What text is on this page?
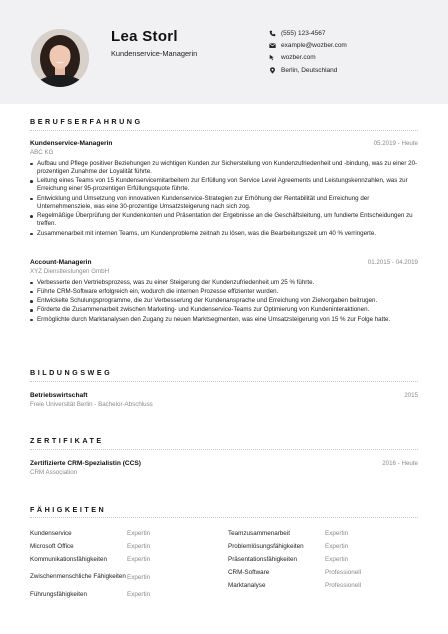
Lea Storl
Kundenservice-Managerin
(555) 123-4567
example@wozber.com
wozber.com
Berlin, Deutschland
BERUFSERFAHRUNG
Kundenservice-Managerin	05.2019 - Heute
ABC KG
Aufbau und Pflege positiver Beziehungen zu wichtigen Kunden zur Sicherstellung von Kundenzufriedenheit und -bindung, was zu einer 20-prozentigen Zunahme der Loyalität führte.
Leitung eines Teams von 15 Kundenservicemitarbeitern zur Erfüllung von Service Level Agreements und Leistungskennzahlen, was zur Erreichung einer 95-prozentigen Erfüllungsquote führte.
Entwicklung und Umsetzung von innovativen Kundenservice-Strategien zur Erhöhung der Rentabilität und Erreichung der Unternehmensziele, was eine 30-prozentige Umsatzsteigerung nach sich zog.
Regelmäßige Überprüfung der Kundenkonten und Präsentation der Ergebnisse an die Geschäftsleitung, um fundierte Entscheidungen zu treffen.
Zusammenarbeit mit internen Teams, um Kundenprobleme zeitnah zu lösen, was die Bearbeitungszeit um 40 % verringerte.
Account-Managerin	01.2015 - 04.2019
XYZ Dienstleistungen GmbH
Verbesserte den Vertriebsprozess, was zu einer Steigerung der Kundenzufriedenheit um 25 % führte.
Führte CRM-Software erfolgreich ein, wodurch die internen Prozesse effizienter wurden.
Entwickelte Schulungsprogramme, die zur Verbesserung der Kundenansprache und Erreichung von Zielvorgaben beitrugen.
Förderte die Zusammenarbeit zwischen Marketing- und Kundenservice-Teams zur Optimierung von Kundeninteraktionen.
Ermöglichte durch Marktanalysen den Zugang zu neuen Marktsegmenten, was eine Umsatzsteigerung von 15 % zur Folge hatte.
BILDUNGSWEG
Betriebswirtschaft	2015
Freie Universität Berlin - Bachelor-Abschluss
ZERTIFIKATE
Zertifizierte CRM-Spezialistin (CCS)	2016 - Heute
CRM Association
FÄHIGKEITEN
Kundenservice	Expertin
Microsoft Office	Expertin
Kommunikationsfähigkeiten	Expertin
Zwischenmenschliche Fähigkeiten Expertin
Führungsfähigkeiten	Expertin
Teamzusammenarbeit	Expertin
Problemlösungsfähigkeiten	Expertin
Präsentationsfähigkeiten	Expertin
CRM-Software	Professionell
Marktanalyse	Professionell
